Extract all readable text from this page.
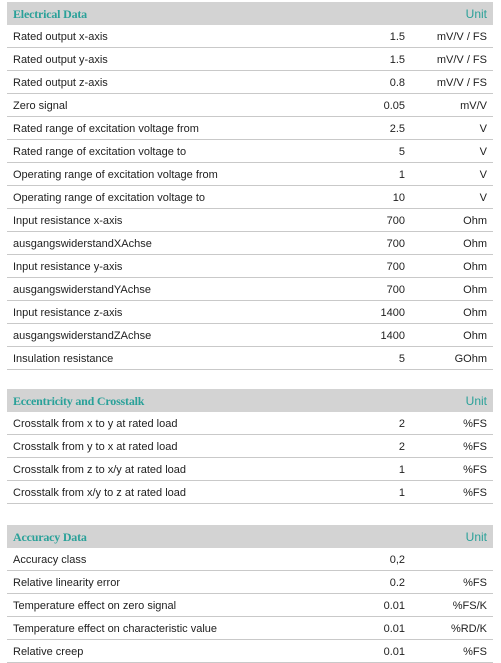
Electrical Data	Unit
Rated output x-axis	1.5	mV/V / FS
Rated output y-axis	1.5	mV/V / FS
Rated output z-axis	0.8	mV/V / FS
Zero signal	0.05	mV/V
Rated range of excitation voltage from	2.5	V
Rated range of excitation voltage to	5	V
Operating range of excitation voltage from	1	V
Operating range of excitation voltage to	10	V
Input resistance x-axis	700	Ohm
ausgangswiderstandXAchse	700	Ohm
Input resistance y-axis	700	Ohm
ausgangswiderstandYAchse	700	Ohm
Input resistance z-axis	1400	Ohm
ausgangswiderstandZAchse	1400	Ohm
Insulation resistance	5	GOhm
Eccentricity and Crosstalk	Unit
Crosstalk from x to y at rated load	2	%FS
Crosstalk from y to x at rated load	2	%FS
Crosstalk from z to x/y at rated load	1	%FS
Crosstalk from x/y to z at rated load	1	%FS
Accuracy Data	Unit
Accuracy class	0,2
Relative linearity error	0.2	%FS
Temperature effect on zero signal	0.01	%FS/K
Temperature effect on characteristic value	0.01	%RD/K
Relative creep	0.01	%FS
